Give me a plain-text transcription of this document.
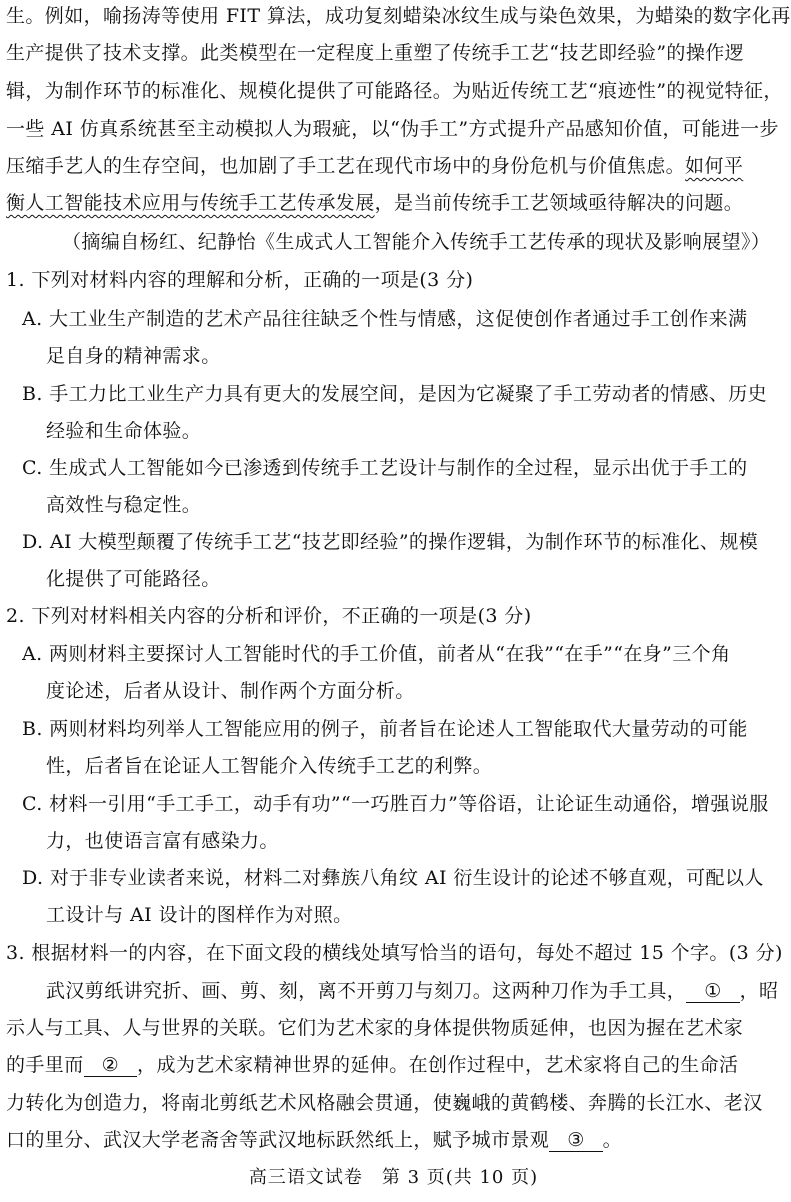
生。例如，喻扬涛等使用 FIT 算法，成功复刻蜡染冰纹生成与染色效果，为蜡染的数字化再
生产提供了技术支撑。此类模型在一定程度上重塑了传统手工艺“技艺即经验”的操作逻
辑，为制作环节的标准化、规模化提供了可能路径。为贴近传统工艺“痕迹性”的视觉特征，
一些 AI 仿真系统甚至主动模拟人为瑕疵，以“伪手工”方式提升产品感知价值，可能进一步
压缩手艺人的生存空间，也加剧了手工艺在现代市场中的身份危机与价值焦虑。如何平
衡人工智能技术应用与传统手工艺传承发展，是当前传统手工艺领域亟待解决的问题。
（摘编自杨红、纪静怡《生成式人工智能介入传统手工艺传承的现状及影响展望》）
1. 下列对材料内容的理解和分析，正确的一项是(3 分)
A. 大工业生产制造的艺术产品往往缺乏个性与情感，这促使创作者通过手工创作来满
足自身的精神需求。
B. 手工力比工业生产力具有更大的发展空间，是因为它凝聚了手工劳动者的情感、历史
经验和生命体验。
C. 生成式人工智能如今已渗透到传统手工艺设计与制作的全过程，显示出优于手工的
高效性与稳定性。
D. AI 大模型颠覆了传统手工艺“技艺即经验”的操作逻辑，为制作环节的标准化、规模
化提供了可能路径。
2. 下列对材料相关内容的分析和评价，不正确的一项是(3 分)
A. 两则材料主要探讨人工智能时代的手工价值，前者从“在我”“在手”“在身”三个角
度论述，后者从设计、制作两个方面分析。
B. 两则材料均列举人工智能应用的例子，前者旨在论述人工智能取代大量劳动的可能
性，后者旨在论证人工智能介入传统手工艺的利弊。
C. 材料一引用“手工手工，动手有功”“一巧胜百力”等俗语，让论证生动通俗，增强说服
力，也使语言富有感染力。
D. 对于非专业读者来说，材料二对彝族八角纹 AI 衍生设计的论述不够直观，可配以人
工设计与 AI 设计的图样作为对照。
3. 根据材料一的内容，在下面文段的横线处填写恰当的语句，每处不超过 15 个字。(3 分)
武汉剪纸讲究折、画、剪、刻，离不开剪刀与刻刀。这两种刀作为手工具， ① ，昭
示人与工具、人与世界的关联。它们为艺术家的身体提供物质延伸，也因为握在艺术家
的手里而 ② ，成为艺术家精神世界的延伸。在创作过程中，艺术家将自己的生命活
力转化为创造力，将南北剪纸艺术风格融会贯通，使巍峨的黄鹤楼、奔腾的长江水、老汉
口的里分、武汉大学老斋舍等武汉地标跃然纸上，赋予城市景观 ③ 。
高三语文试卷　第 3 页(共 10 页)
